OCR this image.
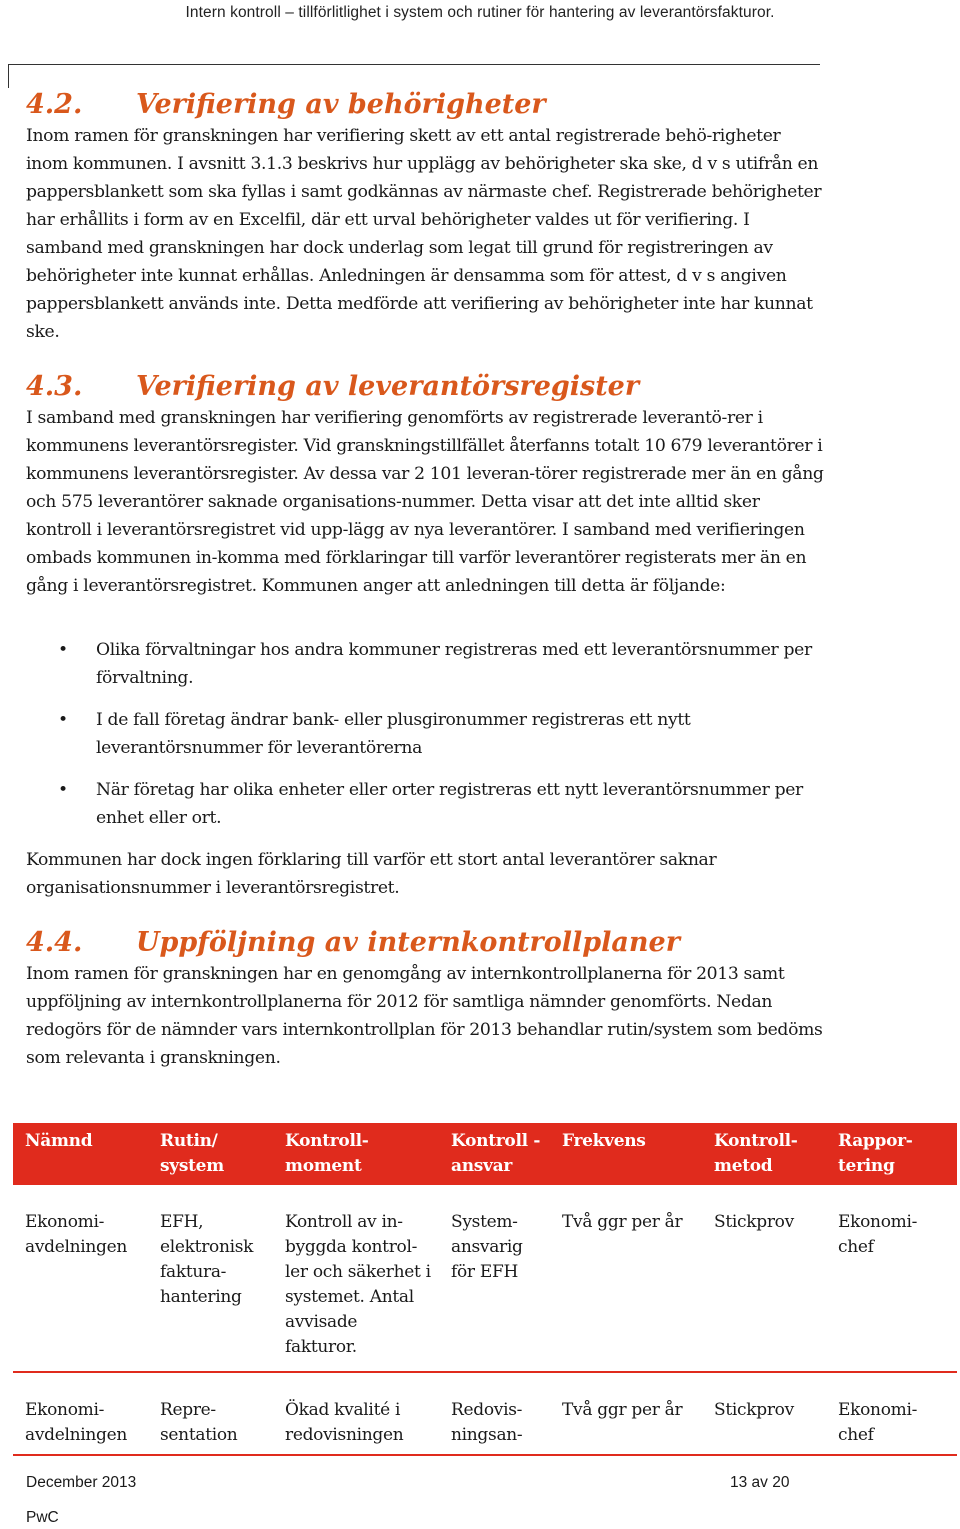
Intern kontroll – tillförlitlighet i system och rutiner för hantering av leverantörsfakturor.
4.2.	Verifiering av behörigheter

Inom ramen för granskningen har verifiering skett av ett antal registrerade behö-righeter inom kommunen. I avsnitt 3.1.3 beskrivs hur upplägg av behörigheter ska ske, d v s utifrån en pappersblankett som ska fyllas i samt godkännas av närmaste chef. Registrerade behörigheter har erhållits i form av en Excelfil, där ett urval behörigheter valdes ut för verifiering. I samband med granskningen har dock underlag som legat till grund för registreringen av behörigheter inte kunnat erhållas. Anledningen är densamma som för attest, d v s angiven pappersblankett används inte. Detta medförde att verifiering av behörigheter inte har kunnat ske.

4.3.	Verifiering av leverantörsregister

I samband med granskningen har verifiering genomförts av registrerade leverantö-rer i kommunens leverantörsregister. Vid granskningstillfället återfanns totalt 10 679 leverantörer i kommunens leverantörsregister. Av dessa var 2 101 leveran-törer registrerade mer än en gång och 575 leverantörer saknade organisations-nummer. Detta visar att det inte alltid sker kontroll i leverantörsregistret vid upp-lägg av nya leverantörer. I samband med verifieringen ombads kommunen in-komma med förklaringar till varför leverantörer registerats mer än en gång i leverantörsregistret. Kommunen anger att anledningen till detta är följande:

• Olika förvaltningar hos andra kommuner registreras med ett leverantörsnummer per förvaltning.
• I de fall företag ändrar bank- eller plusgironummer registreras ett nytt leverantörsnummer för leverantörerna
• När företag har olika enheter eller orter registreras ett nytt leverantörsnummer per enhet eller ort.

Kommunen har dock ingen förklaring till varför ett stort antal leverantörer saknar organisationsnummer i leverantörsregistret.

4.4.	Uppföljning av internkontrollplaner

Inom ramen för granskningen har en genomgång av internkontrollplanerna för 2013 samt uppföljning av internkontrollplanerna för 2012 för samtliga nämnder genomförts. Nedan redogörs för de nämnder vars internkontrollplan för 2013 behandlar rutin/system som bedöms som relevanta i granskningen.

Nämnd	Rutin/ system	Kontroll-moment	Kontroll -ansvar	Frekvens	Kontroll-metod	Rappor-tering
Ekonomi-avdelningen	EFH, elektronisk faktura-hantering	Kontroll av in-byggda kontrol-ler och säkerhet i systemet. Antal avvisade fakturor.	System-ansvarig för EFH	Två ggr per år	Stickprov	Ekonomi-chef
Ekonomi-avdelningen	Repre-sentation	Ökad kvalité i redovisningen	Redovis-ningsan-	Två ggr per år	Stickprov	Ekonomi-chef
December 2013	13 av 20
PwC
